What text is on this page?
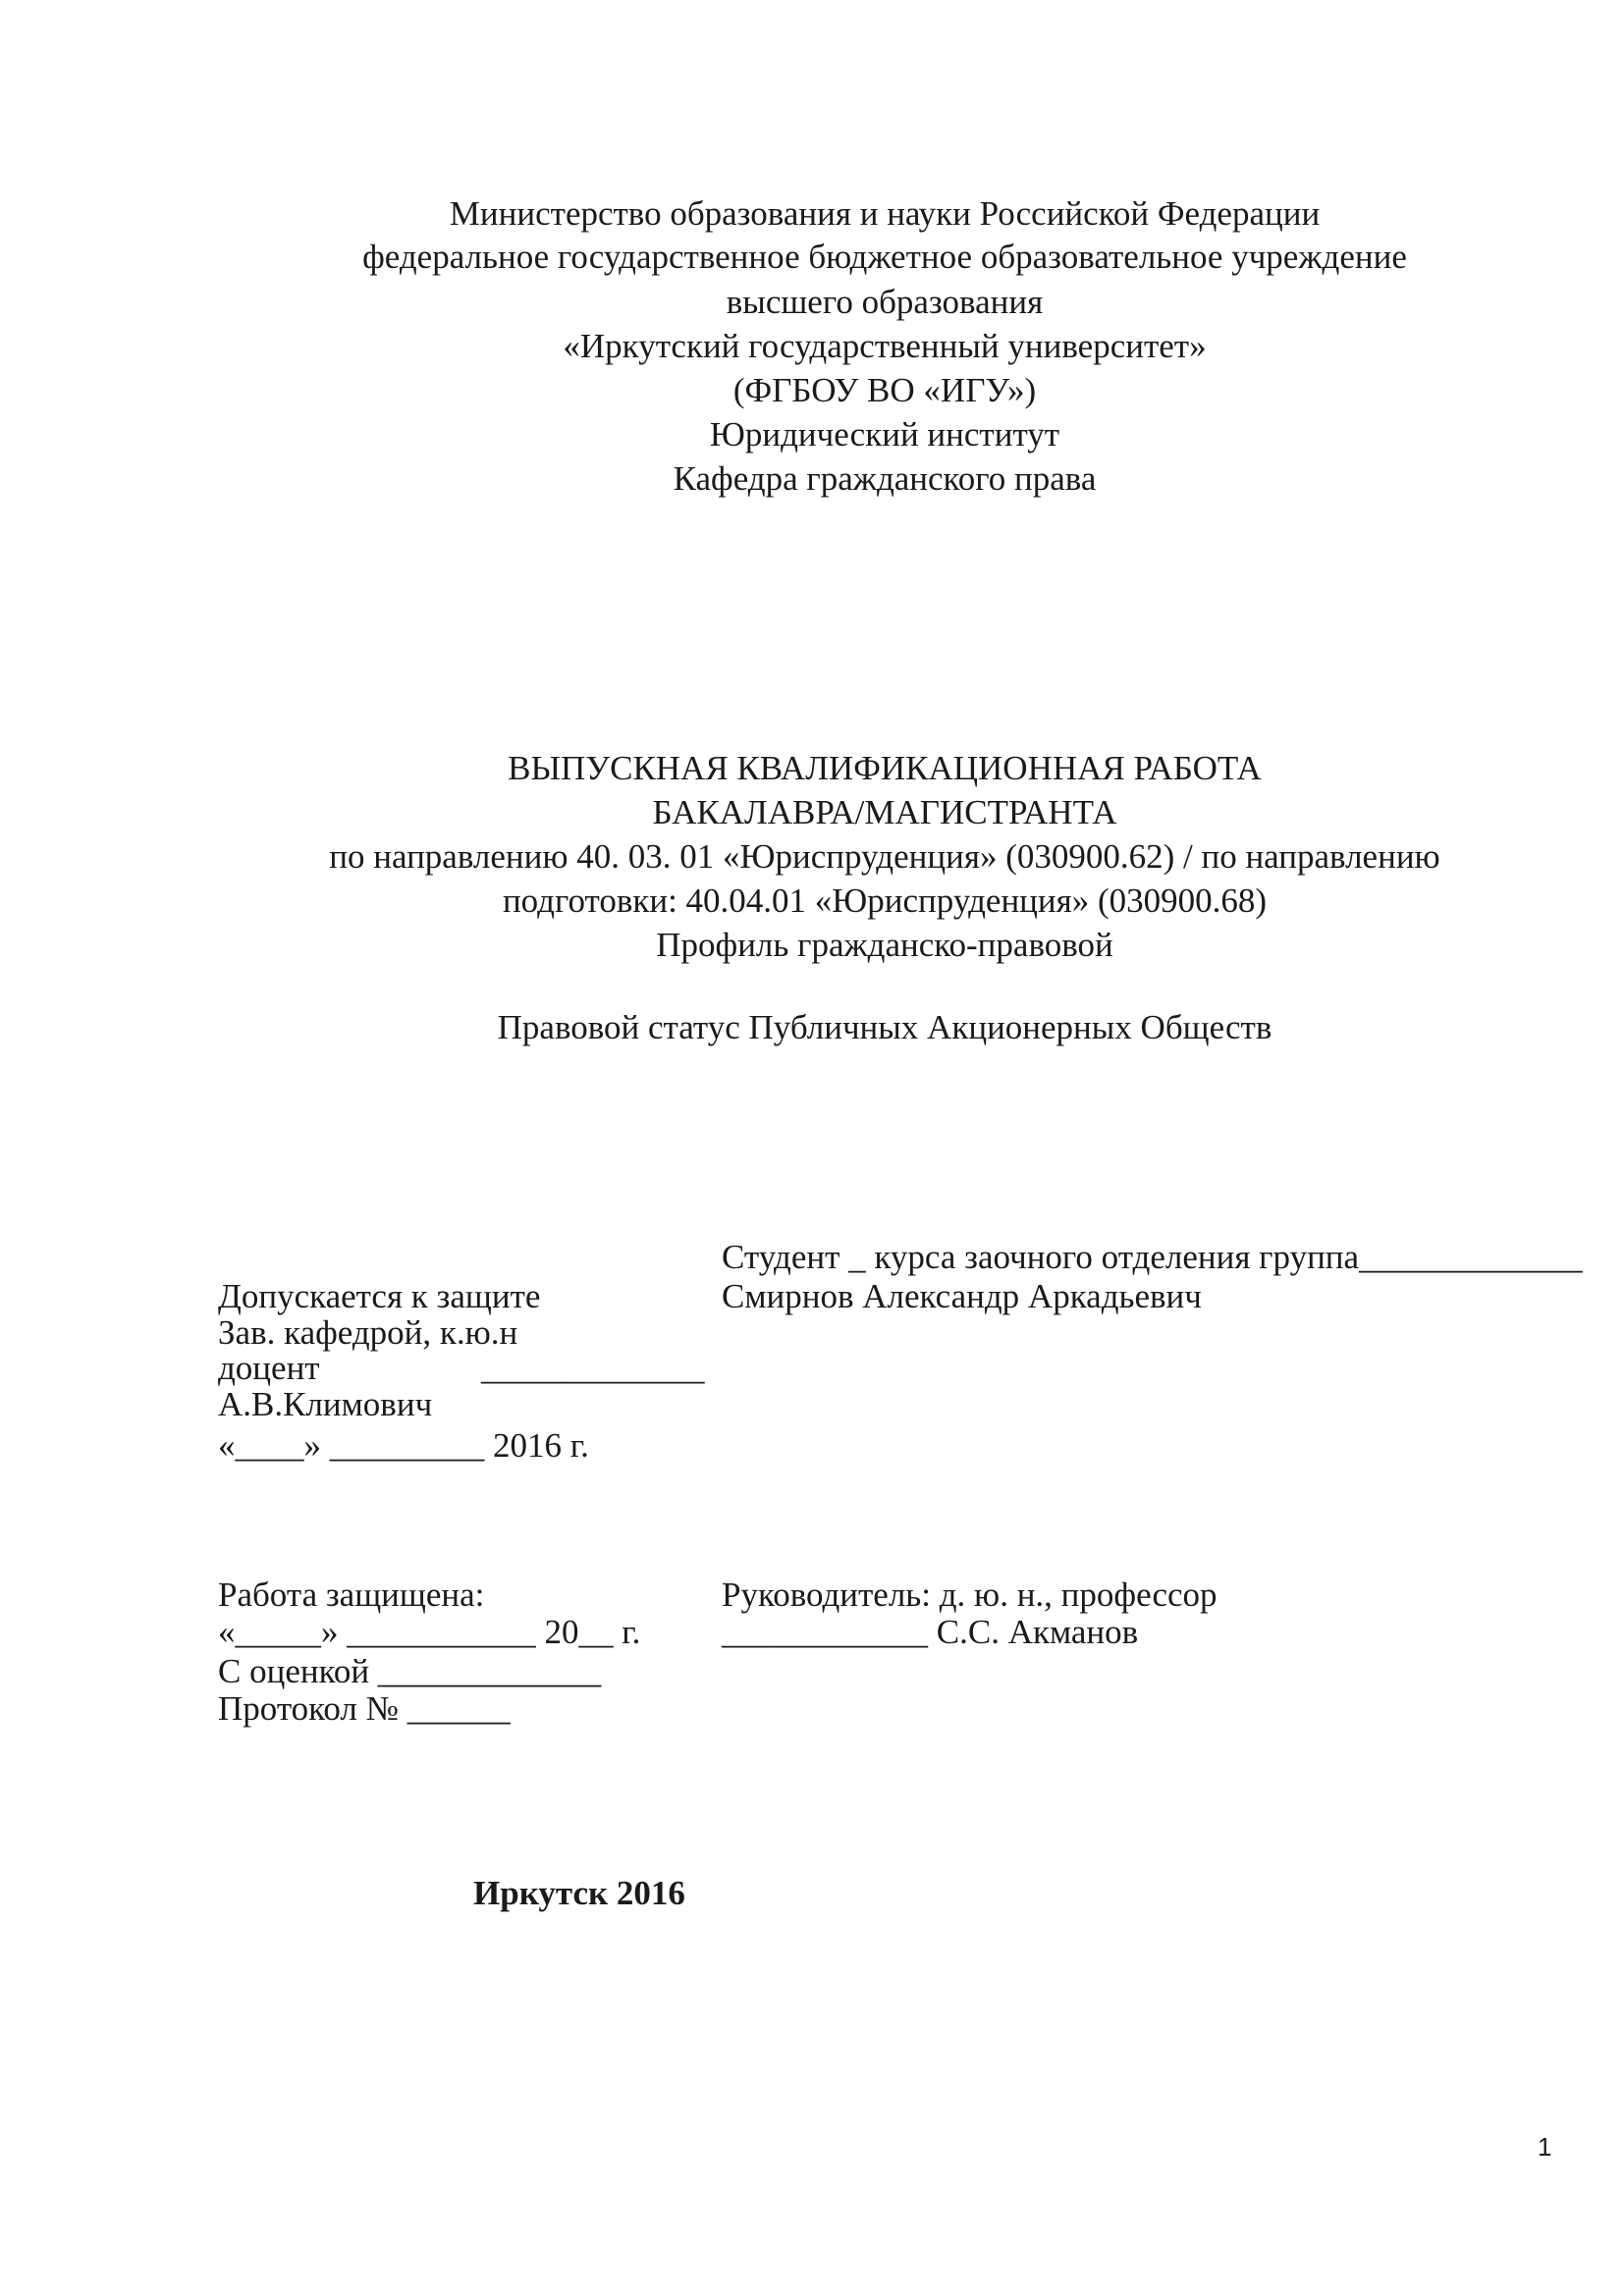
Министерство образования и науки Российской Федерации
федеральное государственное бюджетное образовательное учреждение
высшего образования
«Иркутский государственный университет»
(ФГБОУ ВО «ИГУ»)
Юридический институт
Кафедра гражданского права
ВЫПУСКНАЯ КВАЛИФИКАЦИОННАЯ РАБОТА
БАКАЛАВРА/МАГИСТРАНТА
по направлению 40. 03. 01 «Юриспруденция» (030900.62) / по направлению
подготовки: 40.04.01 «Юриспруденция» (030900.68)
Профиль гражданско-правовой
Правовой статус Публичных Акционерных Обществ
Студент _ курса заочного отделения группа_____________
Смирнов Александр Аркадьевич
Допускается к защите
Зав. кафедрой, к.ю.н
доцент	_____________
А.В.Климович
«____» _________ 2016 г.
Работа защищена:
«_____» ___________ 20__ г.
С оценкой _____________
Протокол № ______
Руководитель: д. ю. н., профессор
____________ С.С. Акманов
Иркутск 2016
1
